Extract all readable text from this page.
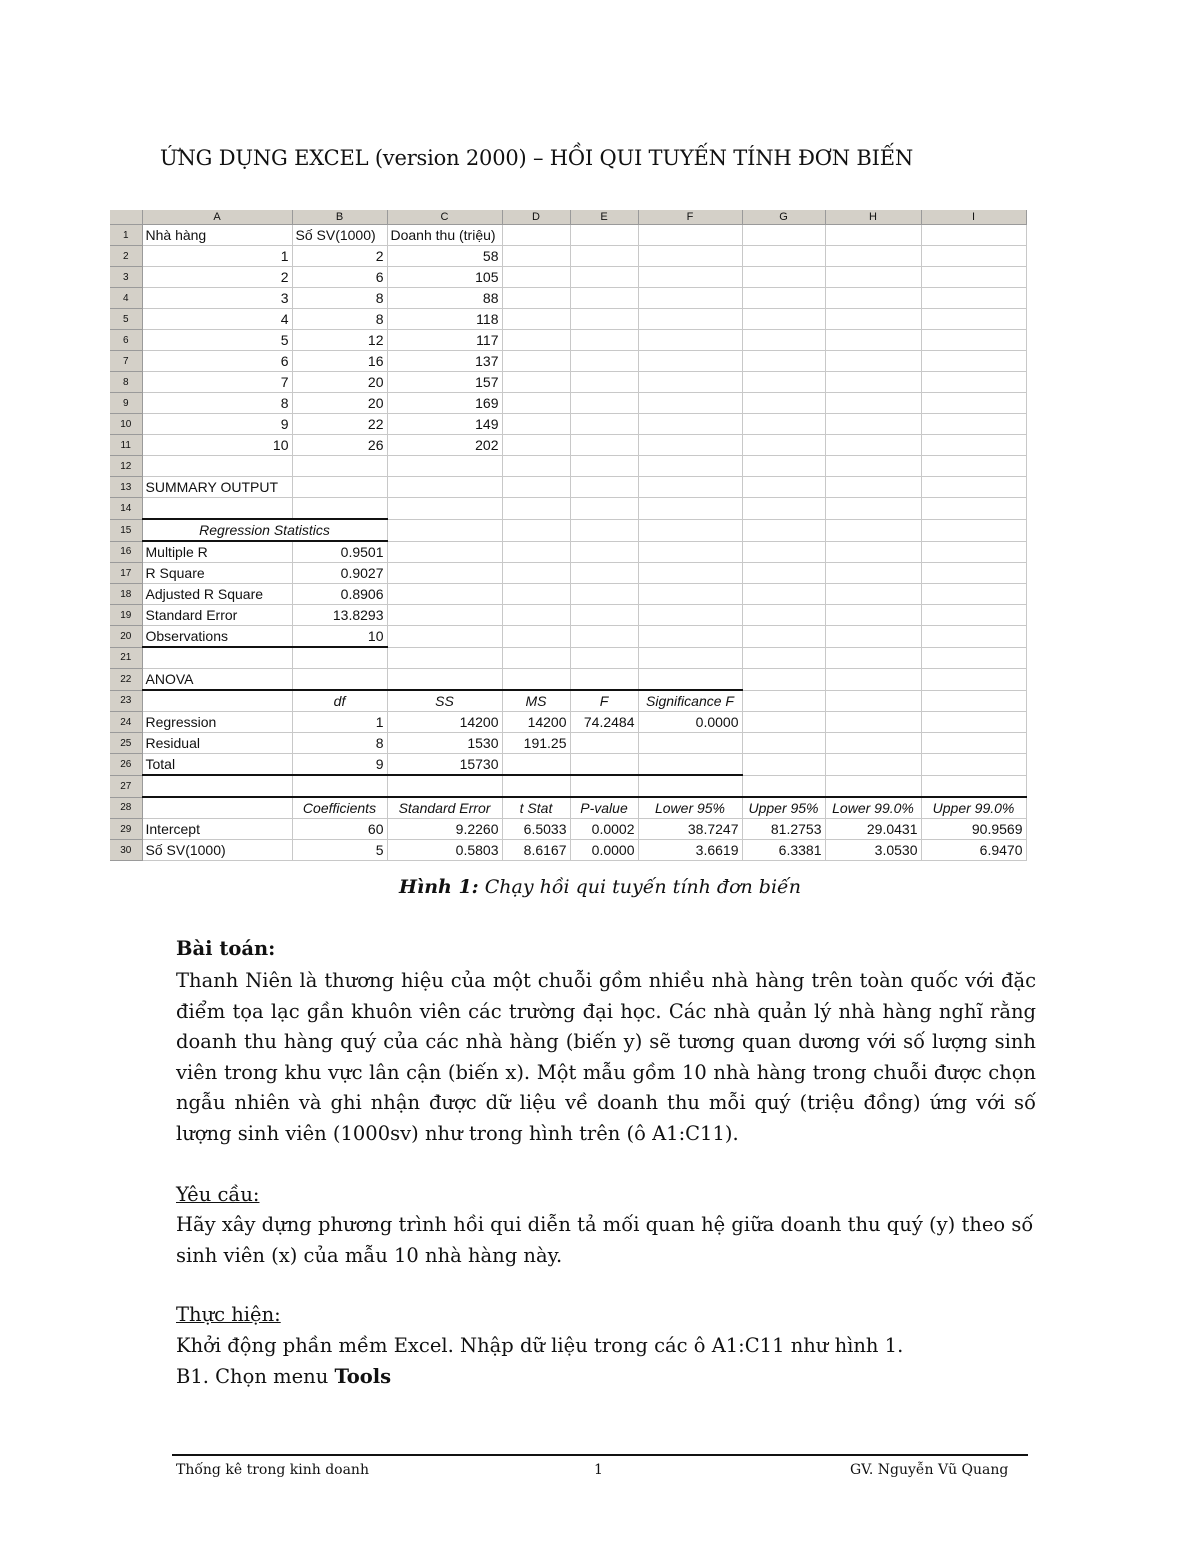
ỨNG DỤNG EXCEL (version 2000) – HỒI QUI TUYẾN TÍNH ĐƠN BIẾN
	A	B	C	D	E	F	G	H	I
1	Nhà hàng	Số SV(1000)	Doanh thu (triệu)						
2	1	2	58						
3	2	6	105						
4	3	8	88						
5	4	8	118						
6	5	12	117						
7	6	16	137						
8	7	20	157						
9	8	20	169						
10	9	22	149						
11	10	26	202						
12									
13	SUMMARY OUTPUT								
14									
15	Regression Statistics								
16	Multiple R	0.9501							
17	R Square	0.9027							
18	Adjusted R Square	0.8906							
19	Standard Error	13.8293							
20	Observations	10							
21									
22	ANOVA								
23		df	SS	MS	F	Significance F			
24	Regression	1	14200	14200	74.2484	0.0000			
25	Residual	8	1530	191.25					
26	Total	9	15730						
27									
28		Coefficients	Standard Error	t Stat	P-value	Lower 95%	Upper 95%	Lower 99.0%	Upper 99.0%
29	Intercept	60	9.2260	6.5033	0.0002	38.7247	81.2753	29.0431	90.9569
30	Số SV(1000)	5	0.5803	8.6167	0.0000	3.6619	6.3381	3.0530	6.9470
Hình 1: Chạy hồi qui tuyến tính đơn biến
Bài toán:
Thanh Niên là thương hiệu của một chuỗi gồm nhiều nhà hàng trên toàn quốc với đặc điểm tọa lạc gần khuôn viên các trường đại học. Các nhà quản lý nhà hàng nghĩ rằng doanh thu hàng quý của các nhà hàng (biến y) sẽ tương quan dương với số lượng sinh viên trong khu vực lân cận (biến x). Một mẫu gồm 10 nhà hàng trong chuỗi được chọn ngẫu nhiên và ghi nhận được dữ liệu về doanh thu mỗi quý (triệu đồng) ứng với số lượng sinh viên (1000sv) như trong hình trên (ô A1:C11).
Yêu cầu:
Hãy xây dựng phương trình hồi qui diễn tả mối quan hệ giữa doanh thu quý (y) theo số sinh viên (x) của mẫu 10 nhà hàng này.
Thực hiện:
Khởi động phần mềm Excel. Nhập dữ liệu trong các ô A1:C11 như hình 1.
B1. Chọn menu Tools
Thống kê trong kinh doanh	1	GV. Nguyễn Vũ Quang
